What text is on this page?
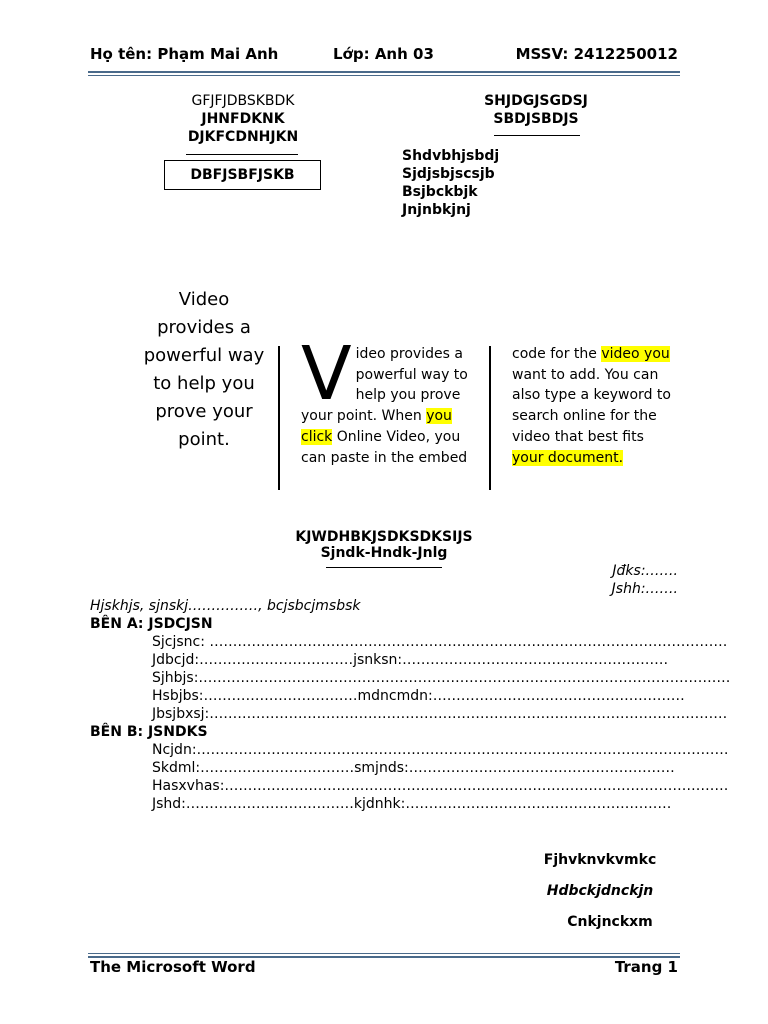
Họ tên: Phạm Mai Anh	Lớp: Anh 03	MSSV: 2412250012
GFJFJDBSKBDK
JHNFDKNK
DJKFCDNHJKN
DBFJSBFJSKB
SHJDGJSGDSJ
SBDJSBDJS
Shdvbhjsbdj
Sjdjsbjscsjb
Bsjbckbjk
Jnjnbkjnj
Video provides a powerful way to help you prove your point.
Video provides a powerful way to help you prove your point. When you click Online Video, you can paste in the embed
code for the video you want to add. You can also type a keyword to search online for the video that best fits your document.
KJWDHBKJSDKSDKSIJS
Sjndk-Hndk-Jnlg
Jđks:…….
Jshh:…….
Hjskhjs, sjnskj……………, bcjsbcjmsbsk
BÊN A: JSDCJSN
Sjcjsnc: …………………………………………………………………………………………………
Jdbcjd:……………………………jsnksn:…………………………………………………
Sjhbjs:……………………………………………………………………………………………………
Hsbjbs:……………………………mdncmdn:………………………………………………
Jbsjbxsj:…………………………………………………………………………………………………
BÊN B: JSNDKS
Ncjdn:……………………………………………………………………………………………………
Skdml:……………………………smjnds:…………………………………………………
Hasxvhas:………………………………………………………………………………………………
Jshd:………………………………kjdnhk:…………………………………………………
Fjhvknvkvmkc
Hdbckjdnckjn
Cnkjnckxm
The Microsoft Word	Trang 1
